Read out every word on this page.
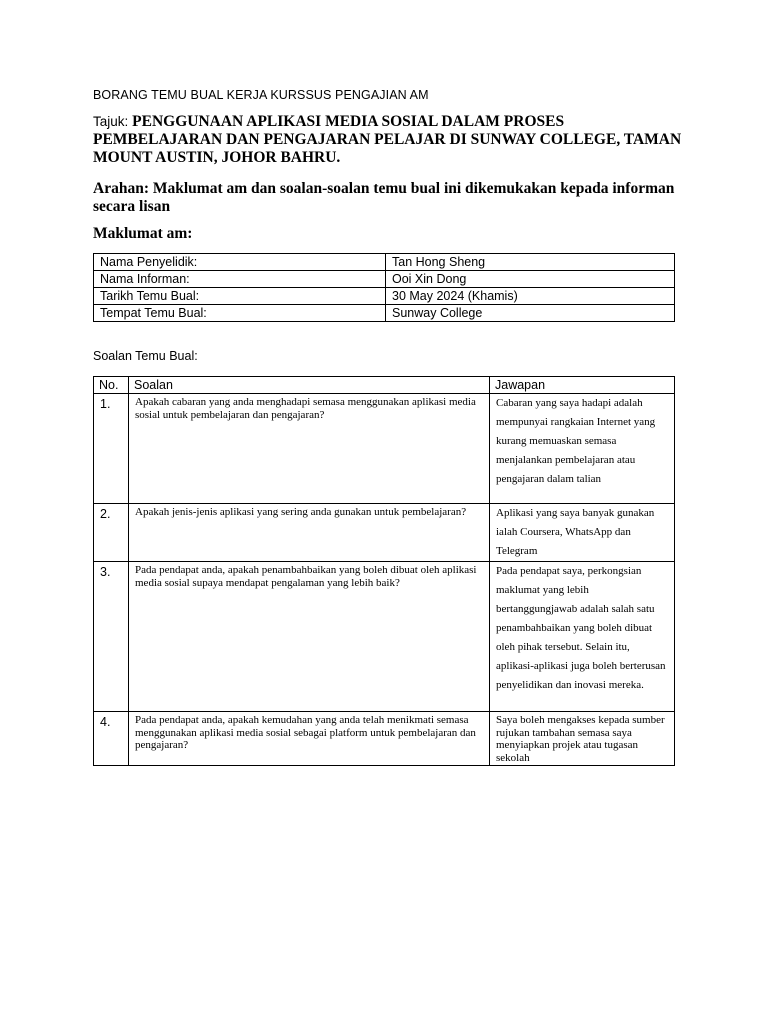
BORANG TEMU BUAL KERJA KURSSUS PENGAJIAN AM
Tajuk: PENGGUNAAN APLIKASI MEDIA SOSIAL DALAM PROSES PEMBELAJARAN DAN PENGAJARAN PELAJAR DI SUNWAY COLLEGE, TAMAN MOUNT AUSTIN, JOHOR BAHRU.
Arahan: Maklumat am dan soalan-soalan temu bual ini dikemukakan kepada informan secara lisan
Maklumat am:
Nama Penyelidik:	Tan Hong Sheng
Nama Informan:	Ooi Xin Dong
Tarikh Temu Bual:	30 May 2024 (Khamis)
Tempat Temu Bual:	Sunway College
Soalan Temu Bual:
No.	Soalan	Jawapan
1.	Apakah cabaran yang anda menghadapi semasa menggunakan aplikasi media sosial untuk pembelajaran dan pengajaran?	Cabaran yang saya hadapi adalah mempunyai rangkaian Internet yang kurang memuaskan semasa menjalankan pembelajaran atau pengajaran dalam talian
2.	Apakah jenis-jenis aplikasi yang sering anda gunakan untuk pembelajaran?	Aplikasi yang saya banyak gunakan ialah Coursera, WhatsApp dan Telegram
3.	Pada pendapat anda, apakah penambahbaikan yang boleh dibuat oleh aplikasi media sosial supaya mendapat pengalaman yang lebih baik?	Pada pendapat saya, perkongsian maklumat yang lebih bertanggungjawab adalah salah satu penambahbaikan yang boleh dibuat oleh pihak tersebut. Selain itu, aplikasi-aplikasi juga boleh berterusan penyelidikan dan inovasi mereka.
4.	Pada pendapat anda, apakah kemudahan yang anda telah menikmati semasa menggunakan aplikasi media sosial sebagai platform untuk pembelajaran dan pengajaran?	Saya boleh mengakses kepada sumber rujukan tambahan semasa saya menyiapkan projek atau tugasan sekolah
